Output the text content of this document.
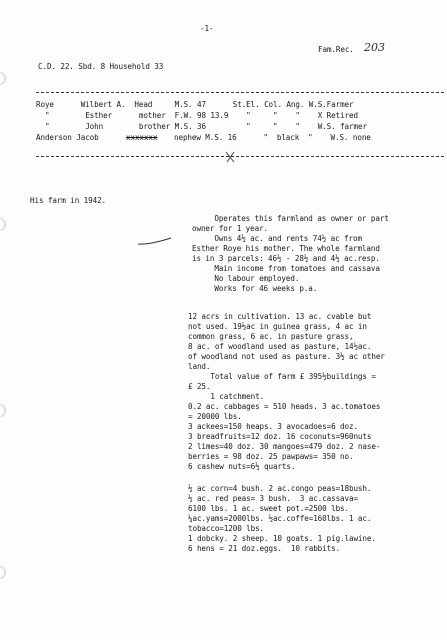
-1-
Fam.Rec. 203
C.D. 22. Sbd. 8 Household 33
Roye      Wilbert A.  Head     M.S. 47      St.El. Col. Ang. W.S.Farmer
"        Esther      mother  F.W. 98 13.9    "     "    "    X Retired
"        John        brother M.S. 36         "     "    "    W.S. farmer
Anderson Jacob xxxxxxx nephew M.S. 16      "  black  "    W.S. none
His farm in 1942.
Operates this farmland as owner or part
owner for 1 year.
Owns 4½ ac. and rents 74½ ac from
Esther Roye his mother. The whole farmland
is in 3 parcels: 46½ - 28½ and 4½ ac.resp.
Main income from tomatoes and cassava
No labour employed.
Works for 46 weeks p.a.
12 acrs in cultivation. 13 ac. cvable but
not used. 19½ac in guinea grass, 4 ac in
common grass, 6 ac. in pasture grass,
8 ac. of woodland used as pasture, 14½ac.
of woodland not used as pasture. 3½ ac other
land.
Total value of farm £ 395½buildings =
£ 25.
1 catchment.
0.2 ac. cabbages = 510 heads. 3 ac.tomatoes
= 20000 lbs.
3 ackees=150 heaps. 3 avocadoes=6 doz.
3 breadfruits=12 doz. 16 coconuts=960nuts
2 limes=40 doz. 30 mangoes=479 doz. 2 nase-
berries = 98 doz. 25 pawpaws= 350 no.
6 cashew nuts=6½ quarts.
½ ac corn=4 bush. 2 ac.congo peas=18bush.
½ ac. red peas= 3 bush.  3 ac.cassava=
6100 lbs. 1 ac. sweet pot.=2500 lbs.
¼ac.yams=2000lbs. ½ac.coffe=160lbs. 1 ac.
tobacco=1200 lbs.
1 dobcky. 2 sheep. 10 goats. 1 pig.lawine.
6 hens = 21 doz.eggs.  10 rabbits.
